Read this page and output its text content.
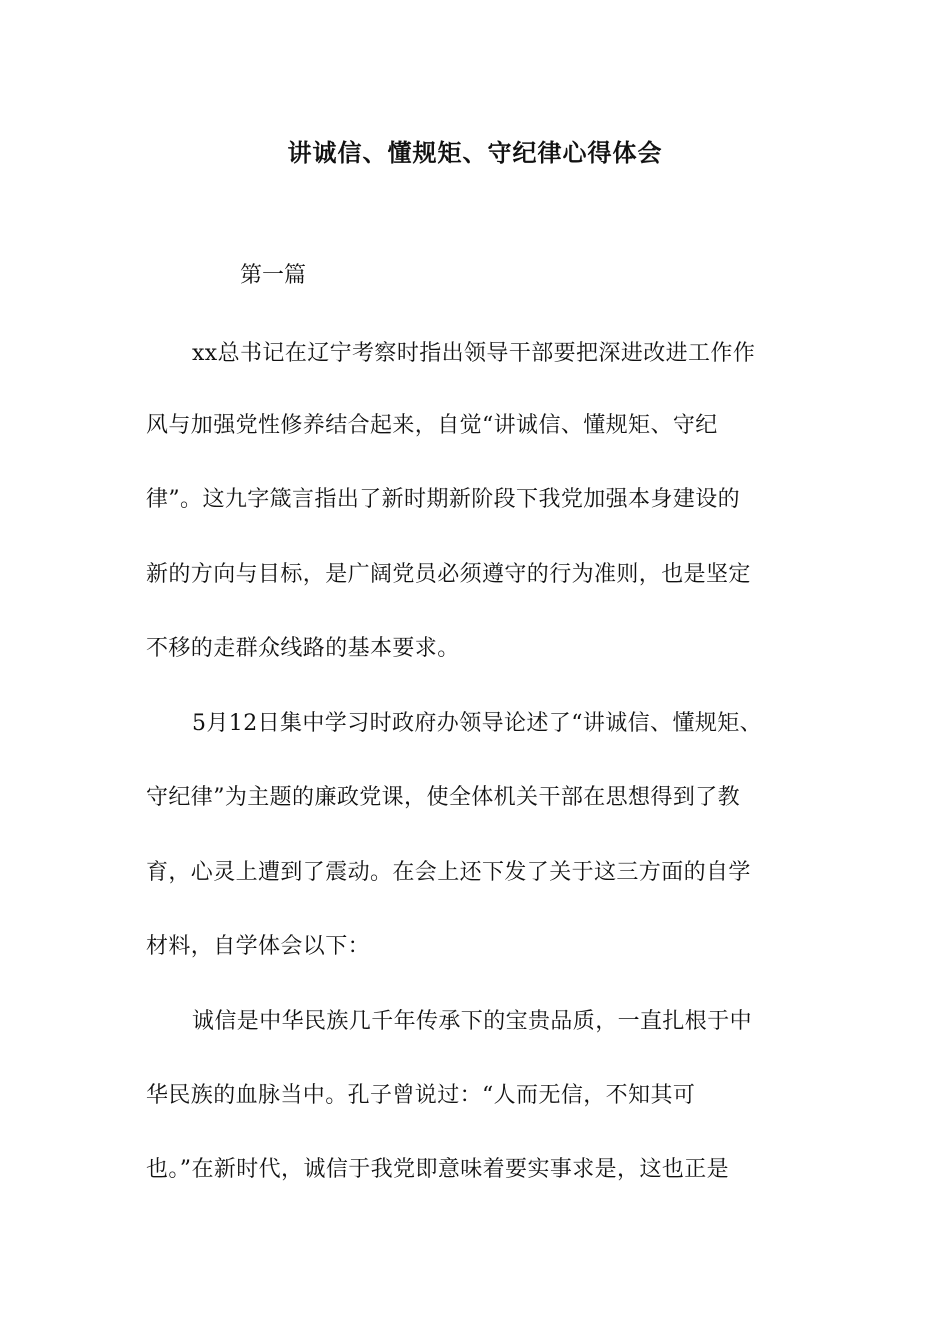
讲诚信、懂规矩、守纪律心得体会

第一篇

xx总书记在辽宁考察时指出领导干部要把深进改进工作作

风与加强党性修养结合起来，自觉“讲诚信、懂规矩、守纪

律”。这九字箴言指出了新时期新阶段下我党加强本身建设的

新的方向与目标，是广阔党员必须遵守的行为准则，也是坚定

不移的走群众线路的基本要求。

5月12日集中学习时政府办领导论述了“讲诚信、懂规矩、

守纪律”为主题的廉政党课，使全体机关干部在思想得到了教

育，心灵上遭到了震动。在会上还下发了关于这三方面的自学

材料，自学体会以下：

诚信是中华民族几千年传承下的宝贵品质，一直扎根于中

华民族的血脉当中。孔子曾说过：“人而无信，不知其可

也。”在新时代，诚信于我党即意味着要实事求是，这也正是
